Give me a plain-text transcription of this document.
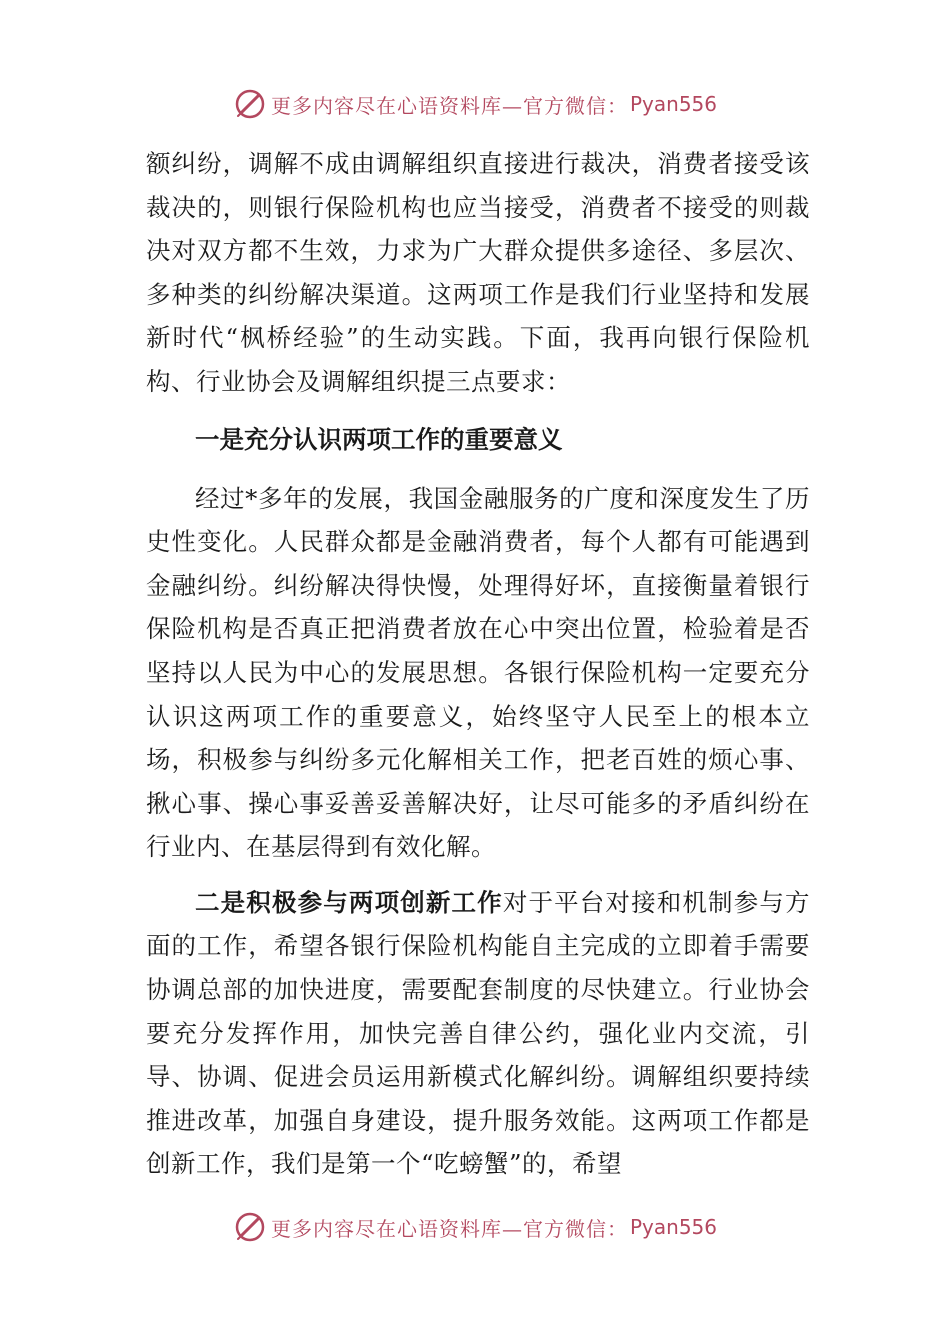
更多内容尽在心语资料库—官方微信： Pyan556

额纠纷，调解不成由调解组织直接进行裁决，消费者接受该裁决的，则银行保险机构也应当接受，消费者不接受的则裁决对双方都不生效，力求为广大群众提供多途径、多层次、多种类的纠纷解决渠道。这两项工作是我们行业坚持和发展新时代“枫桥经验”的生动实践。下面，我再向银行保险机构、行业协会及调解组织提三点要求：

一是充分认识两项工作的重要意义

经过*多年的发展，我国金融服务的广度和深度发生了历史性变化。人民群众都是金融消费者，每个人都有可能遇到金融纠纷。纠纷解决得快慢，处理得好坏，直接衡量着银行保险机构是否真正把消费者放在心中突出位置，检验着是否坚持以人民为中心的发展思想。各银行保险机构一定要充分认识这两项工作的重要意义，始终坚守人民至上的根本立场，积极参与纠纷多元化解相关工作，把老百姓的烦心事、揪心事、操心事妥善妥善解决好，让尽可能多的矛盾纠纷在行业内、在基层得到有效化解。

二是积极参与两项创新工作对于平台对接和机制参与方面的工作，希望各银行保险机构能自主完成的立即着手需要协调总部的加快进度，需要配套制度的尽快建立。行业协会要充分发挥作用，加快完善自律公约，强化业内交流，引导、协调、促进会员运用新模式化解纠纷。调解组织要持续推进改革，加强自身建设，提升服务效能。这两项工作都是创新工作，我们是第一个“吃螃蟹”的，希望

更多内容尽在心语资料库—官方微信： Pyan556
